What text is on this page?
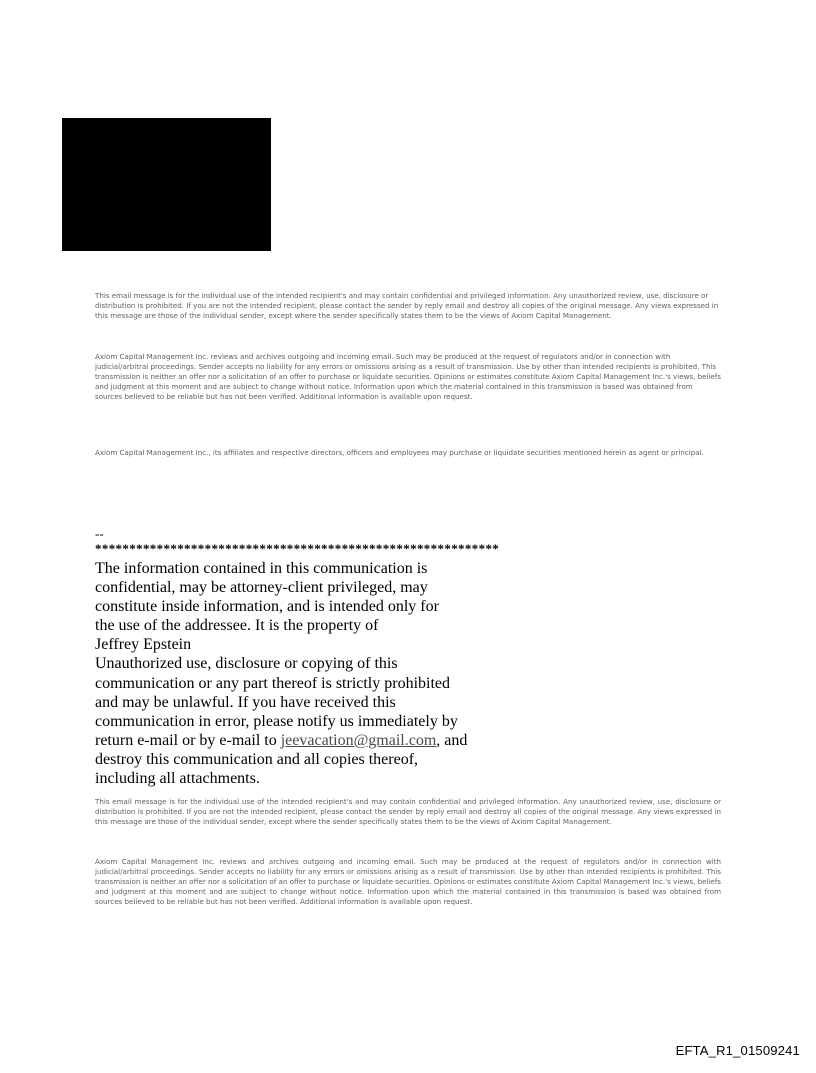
This email message is for the individual use of the intended recipient's and may contain confidential and privileged information. Any unauthorized review, use, disclosure or distribution is prohibited. If you are not the intended recipient, please contact the sender by reply email and destroy all copies of the original message. Any views expressed in this message are those of the individual sender, except where the sender specifically states them to be the views of Axiom Capital Management.

Axiom Capital Management Inc. reviews and archives outgoing and incoming email. Such may be produced at the request of regulators and/or in connection with judicial/arbitral proceedings. Sender accepts no liability for any errors or omissions arising as a result of transmission. Use by other than intended recipients is prohibited. This transmission is neither an offer nor a solicitation of an offer to purchase or liquidate securities. Opinions or estimates constitute Axiom Capital Management Inc.'s views, beliefs and judgment at this moment and are subject to change without notice. Information upon which the material contained in this transmission is based was obtained from sources believed to be reliable but has not been verified. Additional information is available upon request.

Axiom Capital Management Inc., its affiliates and respective directors, officers and employees may purchase or liquidate securities mentioned herein as agent or principal.

--
***********************************************************
The information contained in this communication is
confidential, may be attorney-client privileged, may
constitute inside information, and is intended only for
the use of the addressee. It is the property of
Jeffrey Epstein
Unauthorized use, disclosure or copying of this
communication or any part thereof is strictly prohibited
and may be unlawful. If you have received this
communication in error, please notify us immediately by
return e-mail or by e-mail to jeevacation@gmail.com, and
destroy this communication and all copies thereof,
including all attachments.

This email message is for the individual use of the intended recipient's and may contain confidential and privileged information. Any unauthorized review, use, disclosure or distribution is prohibited. If you are not the intended recipient, please contact the sender by reply email and destroy all copies of the original message. Any views expressed in this message are those of the individual sender, except where the sender specifically states them to be the views of Axiom Capital Management.

Axiom Capital Management Inc. reviews and archives outgoing and incoming email. Such may be produced at the request of regulators and/or in connection with judicial/arbitral proceedings. Sender accepts no liability for any errors or omissions arising as a result of transmission. Use by other than intended recipients is prohibited. This transmission is neither an offer nor a solicitation of an offer to purchase or liquidate securities. Opinions or estimates constitute Axiom Capital Management Inc.'s views, beliefs and judgment at this moment and are subject to change without notice. Information upon which the material contained in this transmission is based was obtained from sources believed to be reliable but has not been verified. Additional information is available upon request.

EFTA_R1_01509241
